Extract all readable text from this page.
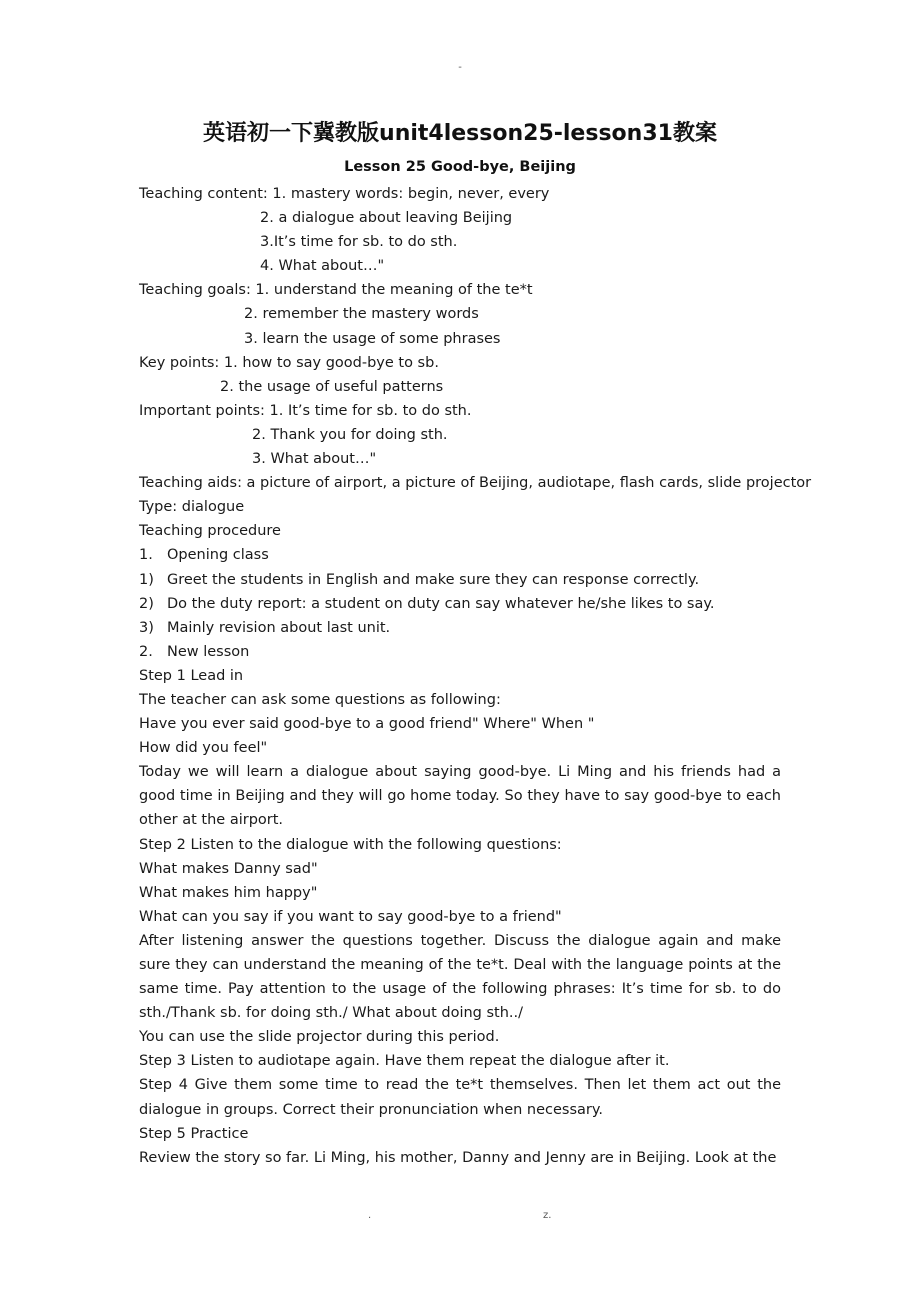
-
英语初一下冀教版unit4lesson25-lesson31教案
Lesson 25 Good-bye, Beijing
Teaching content: 1. mastery words: begin, never, every
2. a dialogue about leaving Beijing
3.It’s time for sb. to do sth.
4. What about…"
Teaching goals: 1. understand the meaning of the te*t
2. remember the mastery words
3. learn the usage of some phrases
Key points: 1. how to say good-bye to sb.
2. the usage of useful patterns
Important points: 1. It’s time for sb. to do sth.
2. Thank you for doing sth.
3. What about…"
Teaching aids: a picture of airport, a picture of Beijing, audiotape, flash cards, slide projector
Type: dialogue
Teaching procedure
1. Opening class
1) Greet the students in English and make sure they can response correctly.
2) Do the duty report: a student on duty can say whatever he/she likes to say.
3) Mainly revision about last unit.
2. New lesson
Step 1 Lead in
The teacher can ask some questions as following:
Have you ever said good-bye to a good friend" Where" When "
How did you feel"
Today we will learn a dialogue about saying good-bye. Li Ming and his friends had a good time in Beijing and they will go home today. So they have to say good-bye to each other at the airport.
Step 2 Listen to the dialogue with the following questions:
What makes Danny sad"
What makes him happy"
What can you say if you want to say good-bye to a friend"
After listening answer the questions together. Discuss the dialogue again and make sure they can understand the meaning of the te*t. Deal with the language points at the same time. Pay attention to the usage of the following phrases: It’s time for sb. to do sth./Thank sb. for doing sth./ What about doing sth../
You can use the slide projector during this period.
Step 3 Listen to audiotape again. Have them repeat the dialogue after it.
Step 4 Give them some time to read the te*t themselves. Then let them act out the dialogue in groups. Correct their pronunciation when necessary.
Step 5 Practice
Review the story so far. Li Ming, his mother, Danny and Jenny are in Beijing. Look at the
.	z.
